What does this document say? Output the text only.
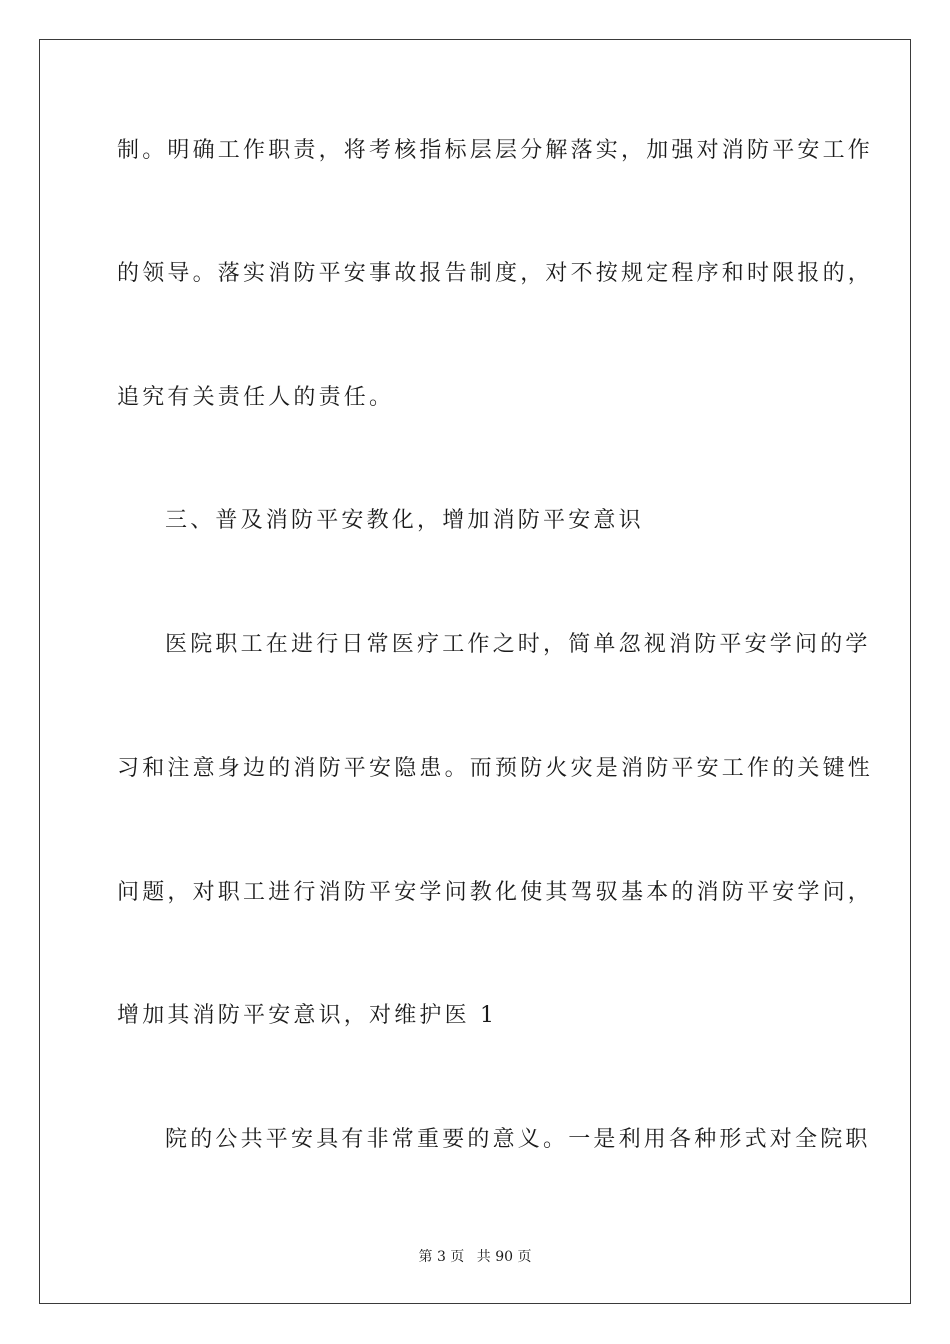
制。明确工作职责，将考核指标层层分解落实，加强对消防平安工作
的领导。落实消防平安事故报告制度，对不按规定程序和时限报的，
追究有关责任人的责任。
三、普及消防平安教化，增加消防平安意识
医院职工在进行日常医疗工作之时，简单忽视消防平安学问的学
习和注意身边的消防平安隐患。而预防火灾是消防平安工作的关键性
问题，对职工进行消防平安学问教化使其驾驭基本的消防平安学问，
增加其消防平安意识，对维护医 1
院的公共平安具有非常重要的意义。一是利用各种形式对全院职
第 3 页 共 90 页
